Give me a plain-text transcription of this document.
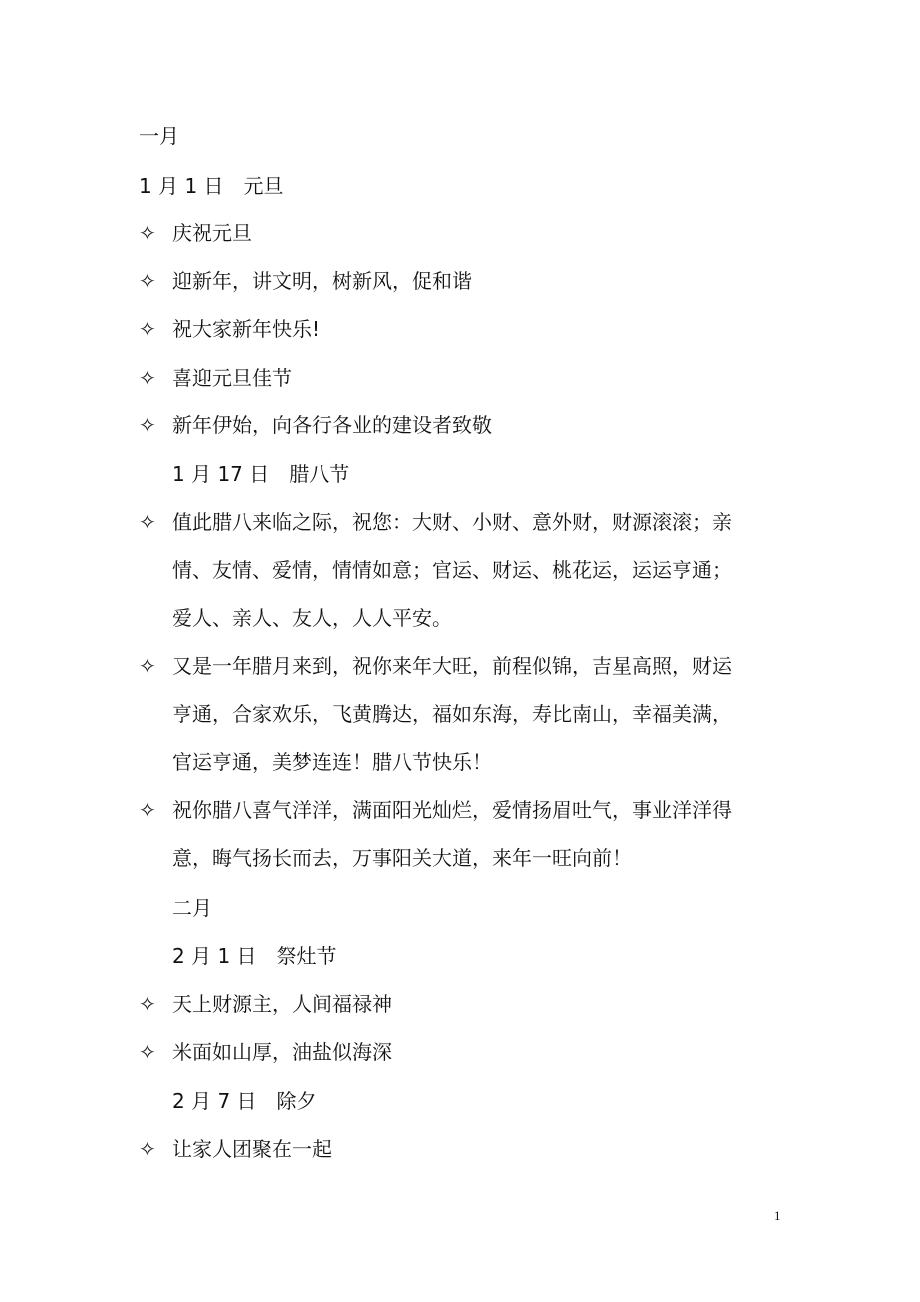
一月
1 月 1 日　 元旦
✧ 庆祝元旦
✧ 迎新年，讲文明，树新风，促和谐
✧ 祝大家新年快乐!
✧ 喜迎元旦佳节
✧ 新年伊始，向各行各业的建设者致敬
1 月 17 日　 腊八节
✧ 值此腊八来临之际，祝您：大财、小财、意外财，财源滚滚；亲
情、友情、爱情，情情如意；官运、财运、桃花运，运运亨通；
爱人、亲人、友人，人人平安。
✧ 又是一年腊月来到，祝你来年大旺，前程似锦，吉星高照，财运
亨通，合家欢乐，飞黄腾达，福如东海，寿比南山，幸福美满，
官运亨通，美梦连连！腊八节快乐！
✧ 祝你腊八喜气洋洋，满面阳光灿烂，爱情扬眉吐气，事业洋洋得
意，晦气扬长而去，万事阳关大道，来年一旺向前！
二月
2 月 1 日　 祭灶节
✧ 天上财源主，人间福禄神
✧ 米面如山厚，油盐似海深
2 月 7 日　 除夕
✧ 让家人团聚在一起
1
